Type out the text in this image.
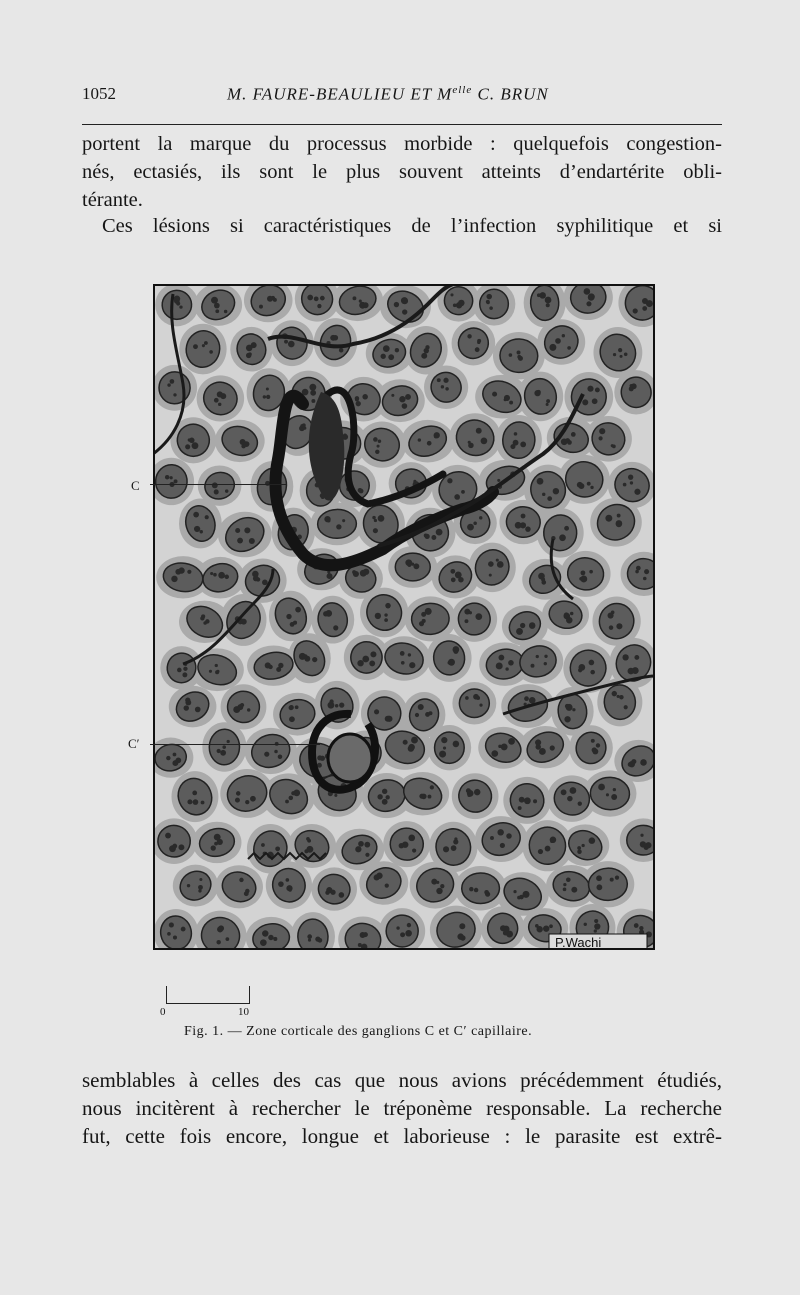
1052	M. FAURE-BEAULIEU ET $M^{elle}$ C. BRUN

portent la marque du processus morbide : quelquefois congestion-
nés, ectasiés, ils sont le plus souvent atteints d’endartérite obli-
térante.

Ces lésions si caractéristiques de l’infection syphilitique et si

P.Wachi
C
C′
0	10
Fig. 1. — Zone corticale des ganglions C et C′ capillaire.

semblables à celles des cas que nous avions précédemment étudiés,
nous incitèrent à rechercher le tréponème responsable. La recherche
fut, cette fois encore, longue et laborieuse : le parasite est extrê-
